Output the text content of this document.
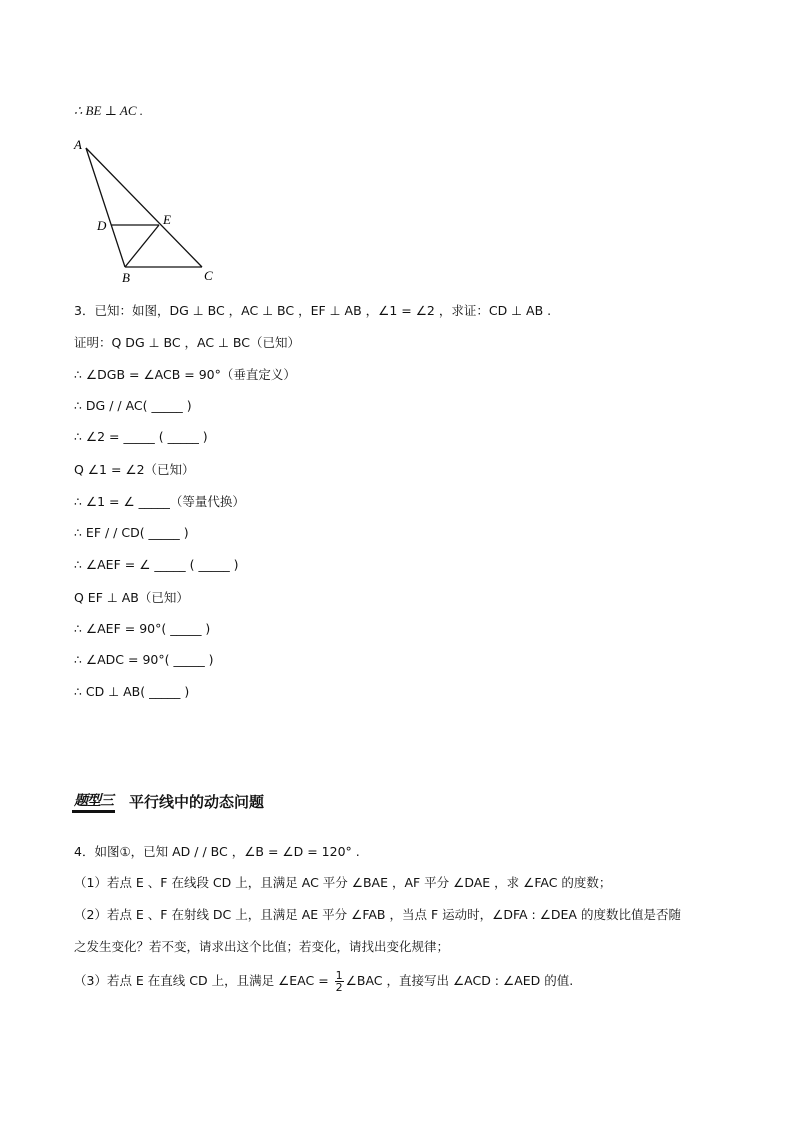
∴ BE ⊥ AC .
A
D	E
B	C
3．已知：如图，DG ⊥ BC ，AC ⊥ BC ，EF ⊥ AB ，∠1 = ∠2 ，求证：CD ⊥ AB .
证明：Q DG ⊥ BC ，AC ⊥ BC（已知）
∴ ∠DGB = ∠ACB = 90°（垂直定义）
∴ DG / / AC( _____ )
∴ ∠2 = _____ ( _____ )
Q ∠1 = ∠2（已知）
∴ ∠1 = ∠ _____（等量代换）
∴ EF / / CD( _____ )
∴ ∠AEF = ∠ _____ ( _____ )
Q EF ⊥ AB（已知）
∴ ∠AEF = 90°( _____ )
∴ ∠ADC = 90°( _____ )
∴ CD ⊥ AB( _____ )
题型三 平行线中的动态问题
4．如图①，已知 AD / / BC ，∠B = ∠D = 120° .
（1）若点 E 、F 在线段 CD 上，且满足 AC 平分 ∠BAE ，AF 平分 ∠DAE ，求 ∠FAC 的度数；
（2）若点 E 、F 在射线 DC 上，且满足 AE 平分 ∠FAB ，当点 F 运动时，∠DFA : ∠DEA 的度数比值是否随
之发生变化？若不变，请求出这个比值；若变化，请找出变化规律；
（3）若点 E 在直线 CD 上，且满足 ∠EAC = $\frac{1}{2}$ ∠BAC ，直接写出 ∠ACD : ∠AED 的值.
